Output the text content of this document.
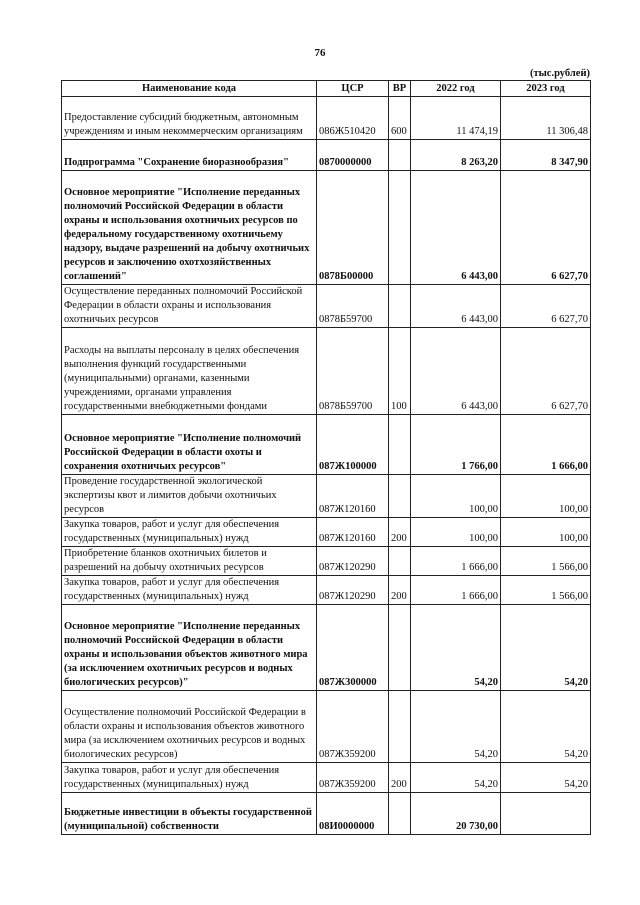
76
(тыс.рублей)
Наименование кода	ЦСР	ВР	2022 год	2023 год
Предоставление субсидий бюджетным, автономным учреждениям и иным некоммерческим организациям	086Ж510420	600	11 474,19	11 306,48
Подпрограмма "Сохранение биоразнообразия"	0870000000		8 263,20	8 347,90
Основное мероприятие "Исполнение переданных полномочий Российской Федерации в области охраны и использования охотничьих ресурсов по федеральному государственному охотничьему надзору, выдаче разрешений на добычу охотничьих ресурсов и заключению охотхозяйственных соглашений"	0878Б00000		6 443,00	6 627,70
Осуществление переданных полномочий Российской Федерации в области охраны и использования охотничьих ресурсов	0878Б59700		6 443,00	6 627,70
Расходы на выплаты персоналу в целях обеспечения выполнения функций государственными (муниципальными) органами, казенными учреждениями, органами управления государственными внебюджетными фондами	0878Б59700	100	6 443,00	6 627,70
Основное мероприятие "Исполнение полномочий Российской Федерации в области охоты и сохранения охотничьих ресурсов"	087Ж100000		1 766,00	1 666,00
Проведение государственной экологической экспертизы квот и лимитов добычи охотничьих ресурсов	087Ж120160		100,00	100,00
Закупка товаров, работ и услуг для обеспечения государственных (муниципальных) нужд	087Ж120160	200	100,00	100,00
Приобретение бланков охотничьих билетов и разрешений на добычу охотничьих ресурсов	087Ж120290		1 666,00	1 566,00
Закупка товаров, работ и услуг для обеспечения государственных (муниципальных) нужд	087Ж120290	200	1 666,00	1 566,00
Основное мероприятие "Исполнение переданных полномочий Российской Федерации в области охраны и использования объектов животного мира (за исключением охотничьих ресурсов и водных биологических ресурсов)"	087Ж300000		54,20	54,20
Осуществление полномочий Российской Федерации в области охраны и использования объектов животного мира (за исключением охотничьих ресурсов и водных биологических ресурсов)	087Ж359200		54,20	54,20
Закупка товаров, работ и услуг для обеспечения государственных (муниципальных) нужд	087Ж359200	200	54,20	54,20
Бюджетные инвестиции в объекты государственной (муниципальной) собственности	08И0000000		20 730,00	
